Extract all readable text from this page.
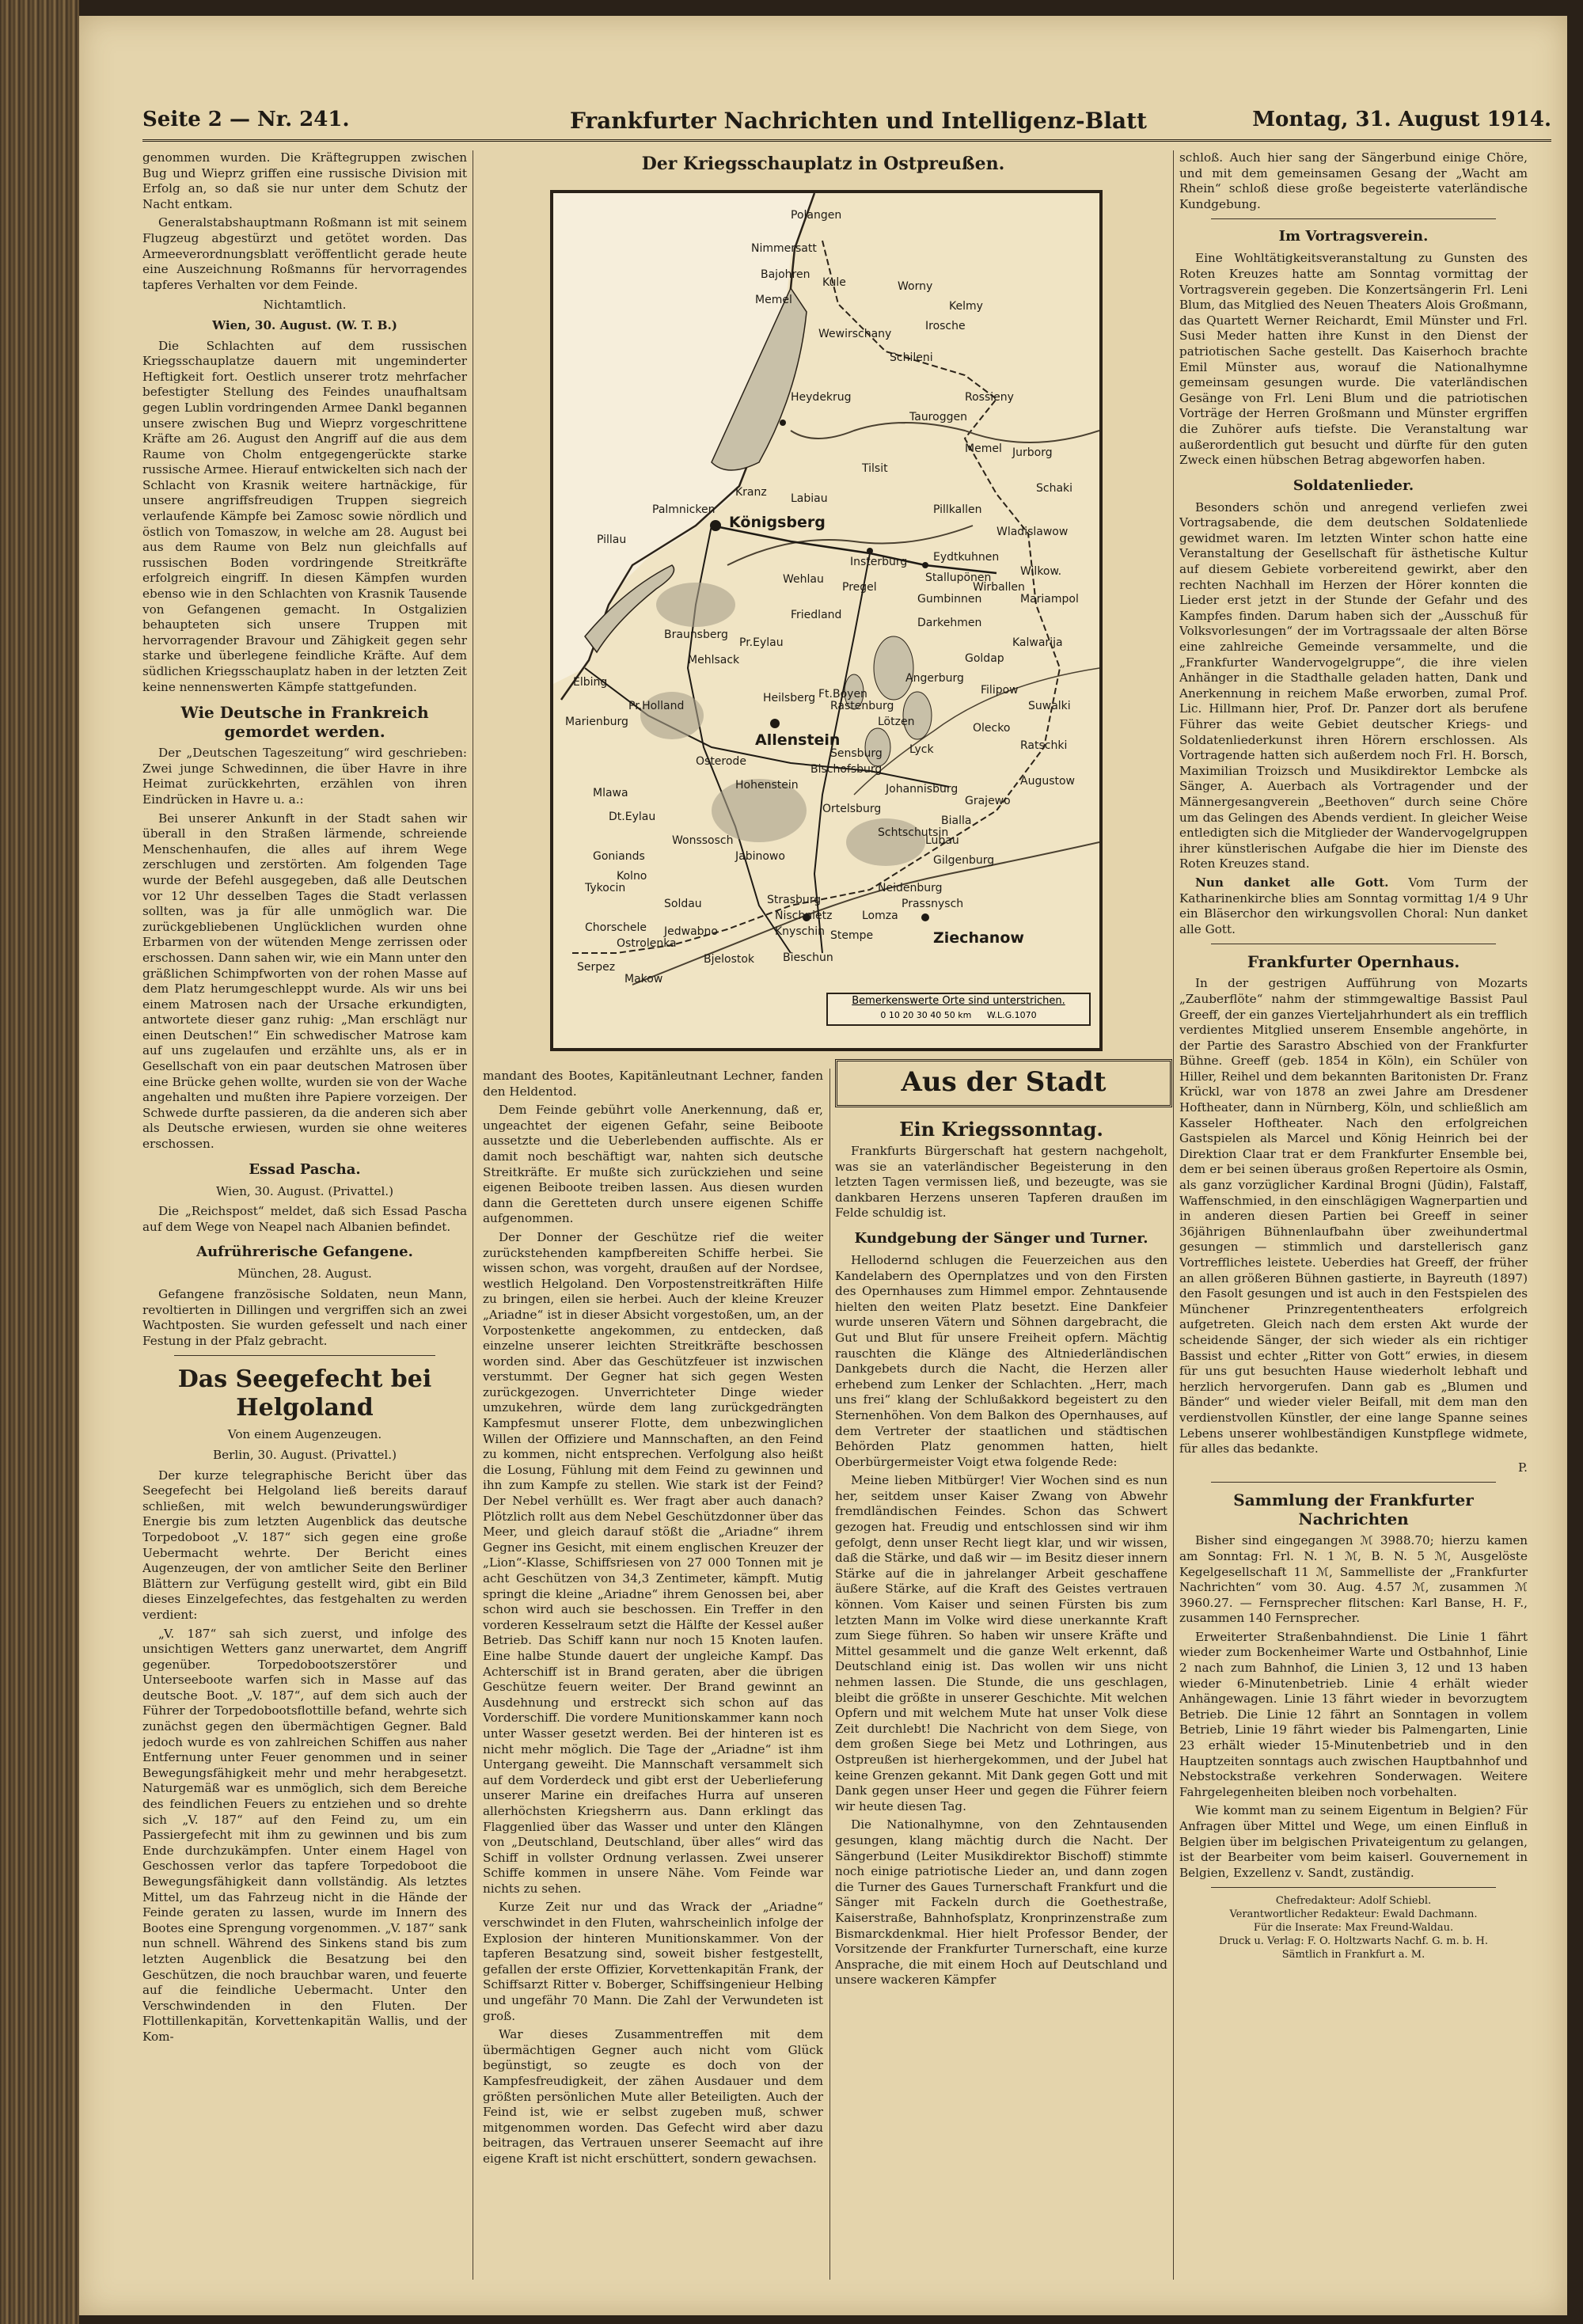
Seite 2 — Nr. 241.	Frankfurter Nachrichten und Intelligenz-Blatt	Montag, 31. August 1914.

genommen wurden. Die Kräftegruppen zwischen Bug und Wieprz griffen eine russische Division mit Erfolg an, so daß sie nur unter dem Schutz der Nacht entkam.

Generalstabshauptmann Roßmann ist mit seinem Flugzeug abgestürzt und getötet worden. Das Armeeverordnungsblatt veröffentlicht gerade heute eine Auszeichnung Roßmanns für hervorragendes tapferes Verhalten vor dem Feinde.

Nichtamtlich.

Wien, 30. August. (W. T. B.)

Die Schlachten auf dem russischen Kriegsschauplatze dauern mit ungeminderter Heftigkeit fort. Oestlich unserer trotz mehrfacher befestigter Stellung des Feindes unaufhaltsam gegen Lublin vordringenden Armee Dankl begannen unsere zwischen Bug und Wieprz vorgeschrittene Kräfte am 26. August den Angriff auf die aus dem Raume von Cholm entgegengerückte starke russische Armee. Hierauf entwickelten sich nach der Schlacht von Krasnik weitere hartnäckige, für unsere angriffsfreudigen Truppen siegreich verlaufende Kämpfe bei Zamosc sowie nördlich und östlich von Tomaszow, in welche am 28. August bei aus dem Raume von Belz nun gleichfalls auf russischen Boden vordringende Streitkräfte erfolgreich eingriff. In diesen Kämpfen wurden ebenso wie in den Schlachten von Krasnik Tausende von Gefangenen gemacht. In Ostgalizien behaupteten sich unsere Truppen mit hervorragender Bravour und Zähigkeit gegen sehr starke und überlegene feindliche Kräfte. Auf dem südlichen Kriegsschauplatz haben in der letzten Zeit keine nennenswerten Kämpfe stattgefunden.

Wie Deutsche in Frankreich gemordet werden.

Der „Deutschen Tageszeitung“ wird geschrieben: Zwei junge Schwedinnen, die über Havre in ihre Heimat zurückkehrten, erzählen von ihren Eindrücken in Havre u. a.:

Bei unserer Ankunft in der Stadt sahen wir überall in den Straßen lärmende, schreiende Menschenhaufen, die alles auf ihrem Wege zerschlugen und zerstörten. Am folgenden Tage wurde der Befehl ausgegeben, daß alle Deutschen vor 12 Uhr desselben Tages die Stadt verlassen sollten, was ja für alle unmöglich war. Die zurückgebliebenen Unglücklichen wurden ohne Erbarmen von der wütenden Menge zerrissen oder erschossen. Dann sahen wir, wie ein Mann unter den gräßlichen Schimpfworten von der rohen Masse auf dem Platz herumgeschleppt wurde. Als wir uns bei einem Matrosen nach der Ursache erkundigten, antwortete dieser ganz ruhig: „Man erschlägt nur einen Deutschen!“ Ein schwedischer Matrose kam auf uns zugelaufen und erzählte uns, als er in Gesellschaft von ein paar deutschen Matrosen über eine Brücke gehen wollte, wurden sie von der Wache angehalten und mußten ihre Papiere vorzeigen. Der Schwede durfte passieren, da die anderen sich aber als Deutsche erwiesen, wurden sie ohne weiteres erschossen.

Essad Pascha.

Wien, 30. August. (Privattel.)

Die „Reichspost“ meldet, daß sich Essad Pascha auf dem Wege von Neapel nach Albanien befindet.

Aufrührerische Gefangene.

München, 28. August.

Gefangene französische Soldaten, neun Mann, revoltierten in Dillingen und vergriffen sich an zwei Wachtposten. Sie wurden gefesselt und nach einer Festung in der Pfalz gebracht.

Das Seegefecht bei Helgoland

Von einem Augenzeugen.

Berlin, 30. August. (Privattel.)

Der kurze telegraphische Bericht über das Seegefecht bei Helgoland ließ bereits darauf schließen, mit welch bewunderungswürdiger Energie bis zum letzten Augenblick das deutsche Torpedoboot „V. 187“ sich gegen eine große Uebermacht wehrte. Der Bericht eines Augenzeugen, der von amtlicher Seite den Berliner Blättern zur Verfügung gestellt wird, gibt ein Bild dieses Einzelgefechtes, das festgehalten zu werden verdient:

„V. 187“ sah sich zuerst, und infolge des unsichtigen Wetters ganz unerwartet, dem Angriff gegenüber. Torpedobootszerstörer und Unterseeboote warfen sich in Masse auf das deutsche Boot. „V. 187“, auf dem sich auch der Führer der Torpedobootsflottille befand, wehrte sich zunächst gegen den übermächtigen Gegner. Bald jedoch wurde es von zahlreichen Schiffen aus naher Entfernung unter Feuer genommen und in seiner Bewegungsfähigkeit mehr und mehr herabgesetzt. Naturgemäß war es unmöglich, sich dem Bereiche des feindlichen Feuers zu entziehen und so drehte sich „V. 187“ auf den Feind zu, um ein Passiergefecht mit ihm zu gewinnen und bis zum Ende durchzukämpfen. Unter einem Hagel von Geschossen verlor das tapfere Torpedoboot die Bewegungsfähigkeit dann vollständig. Als letztes Mittel, um das Fahrzeug nicht in die Hände der Feinde geraten zu lassen, wurde im Innern des Bootes eine Sprengung vorgenommen. „V. 187“ sank nun schnell. Während des Sinkens stand bis zum letzten Augenblick die Besatzung bei den Geschützen, die noch brauchbar waren, und feuerte auf die feindliche Uebermacht. Unter den Verschwindenden in den Fluten. Der Flottillenkapitän, Korvettenkapitän Wallis, und der Kom-

Der Kriegsschauplatz in Ostpreußen.
Polangen
Nimmersatt
Bajohren
Kule	Worny
Memel	Kelmy
Wewirschany
Irosche
Schileni
Heydekrug	Rossieny
Tauroggen
Jurborg
Memel
Schaki
Tilsit
Kranz Labiau
Palmnicken	Pillkallen
Wladislawow
Pillau
Königsberg
Insterburg Eydtkuhnen
Wilkow.
Wehlau	Stallupönen
Wirballen
Pregel
Gumbinnen	Mariampol
Friedland
Darkehmen
Braunsberg
Pr.Eylau	Kalwarija
Mehlsack	Goldap
Elbing	Angerburg
Filipow
Pr.Holland
Heilsberg
Rastenburg	Suwalki
Marienburg
Ft.Boyen
Olecko
Lötzen
Ratschki
Bischofsburg
Lyck
Augustow
Sensburg
Allenstein
Osterode
Johannisburg
Hohenstein
Grajewo
Ortelsburg
Dt.Eylau	Bialla
Schtschutsin
Lubau
Wonssosch
Goniands	Gilgenburg
Jabinowo
Kolno
Neidenburg
Strasburg
Nischnietz
Soldau
Knyschin
Chorschele Jedwabno
Lomza
Tykocin
Mlawa
Prassnysch
Ostrolenka
Bjelostok
Stempe
Bieschun
Serpez
Ziechanow
Makow
Bemerkenswerte Orte sind unterstrichen.
0 10 20 30 40 50 km W.L.G.1070

mandant des Bootes, Kapitänleutnant Lechner, fanden den Heldentod.

Dem Feinde gebührt volle Anerkennung, daß er, ungeachtet der eigenen Gefahr, seine Beiboote aussetzte und die Ueberlebenden auffischte. Als er damit noch beschäftigt war, nahten sich deutsche Streitkräfte. Er mußte sich zurückziehen und seine eigenen Beiboote treiben lassen. Aus diesen wurden dann die Geretteten durch unsere eigenen Schiffe aufgenommen.

Der Donner der Geschütze rief die weiter zurückstehenden kampfbereiten Schiffe herbei. Sie wissen schon, was vorgeht, draußen auf der Nordsee, westlich Helgoland. Den Vorpostenstreitkräften Hilfe zu bringen, eilen sie herbei. Auch der kleine Kreuzer „Ariadne“ ist in dieser Absicht vorgestoßen, um, an der Vorpostenkette angekommen, zu entdecken, daß einzelne unserer leichten Streitkräfte beschossen worden sind. Aber das Geschützfeuer ist inzwischen verstummt. Der Gegner hat sich gegen Westen zurückgezogen. Unverrichteter Dinge wieder umzukehren, würde dem lang zurückgedrängten Kampfesmut unserer Flotte, dem unbezwinglichen Willen der Offiziere und Mannschaften, an den Feind zu kommen, nicht entsprechen. Verfolgung also heißt die Losung, Fühlung mit dem Feind zu gewinnen und ihn zum Kampfe zu stellen. Wie stark ist der Feind? Der Nebel verhüllt es. Wer fragt aber auch danach? Plötzlich rollt aus dem Nebel Geschützdonner über das Meer, und gleich darauf stößt die „Ariadne“ ihrem Gegner ins Gesicht, mit einem englischen Kreuzer der „Lion“-Klasse, Schiffsriesen von 27 000 Tonnen mit je acht Geschützen von 34,3 Zentimeter, kämpft. Mutig springt die kleine „Ariadne“ ihrem Genossen bei, aber schon wird auch sie beschossen. Ein Treffer in den vorderen Kesselraum setzt die Hälfte der Kessel außer Betrieb. Das Schiff kann nur noch 15 Knoten laufen. Eine halbe Stunde dauert der ungleiche Kampf. Das Achterschiff ist in Brand geraten, aber die übrigen Geschütze feuern weiter. Der Brand gewinnt an Ausdehnung und erstreckt sich schon auf das Vorderschiff. Die vordere Munitionskammer kann noch unter Wasser gesetzt werden. Bei der hinteren ist es nicht mehr möglich. Die Tage der „Ariadne“ ist ihm Untergang geweiht. Die Mannschaft versammelt sich auf dem Vorderdeck und gibt erst der Ueberlieferung unserer Marine ein dreifaches Hurra auf unseren allerhöchsten Kriegsherrn aus. Dann erklingt das Flaggenlied über das Wasser und unter den Klängen von „Deutschland, Deutschland, über alles“ wird das Schiff in vollster Ordnung verlassen. Zwei unserer Schiffe kommen in unsere Nähe. Vom Feinde war nichts zu sehen.

Kurze Zeit nur und das Wrack der „Ariadne“ verschwindet in den Fluten, wahrscheinlich infolge der Explosion der hinteren Munitionskammer. Von der tapferen Besatzung sind, soweit bisher festgestellt, gefallen der erste Offizier, Korvettenkapitän Frank, der Schiffsarzt Ritter v. Boberger, Schiffsingenieur Helbing und ungefähr 70 Mann. Die Zahl der Verwundeten ist groß.

War dieses Zusammentreffen mit dem übermächtigen Gegner auch nicht vom Glück begünstigt, so zeugte es doch von der Kampfesfreudigkeit, der zähen Ausdauer und dem größten persönlichen Mute aller Beteiligten. Auch der Feind ist, wie er selbst zugeben muß, schwer mitgenommen worden. Das Gefecht wird aber dazu beitragen, das Vertrauen unserer Seemacht auf ihre eigene Kraft ist nicht erschüttert, sondern gewachsen.

Aus der Stadt
Ein Kriegssonntag.

Frankfurts Bürgerschaft hat gestern nachgeholt, was sie an vaterländischer Begeisterung in den letzten Tagen vermissen ließ, und bezeugte, was sie dankbaren Herzens unseren Tapferen draußen im Felde schuldig ist.

Kundgebung der Sänger und Turner.

Hellodernd schlugen die Feuerzeichen aus den Kandelabern des Opernplatzes und von den Firsten des Opernhauses zum Himmel empor. Zehntausende hielten den weiten Platz besetzt. Eine Dankfeier wurde unseren Vätern und Söhnen dargebracht, die Gut und Blut für unsere Freiheit opfern. Mächtig rauschten die Klänge des Altniederländischen Dankgebets durch die Nacht, die Herzen aller erhebend zum Lenker der Schlachten. „Herr, mach uns frei“ klang der Schlußakkord begeistert zu den Sternenhöhen. Von dem Balkon des Opernhauses, auf dem Vertreter der staatlichen und städtischen Behörden Platz genommen hatten, hielt Oberbürgermeister Voigt etwa folgende Rede:

Meine lieben Mitbürger! Vier Wochen sind es nun her, seitdem unser Kaiser Zwang von Abwehr fremdländischen Feindes. Schon das Schwert gezogen hat. Freudig und entschlossen sind wir ihm gefolgt, denn unser Recht liegt klar, und wir wissen, daß die Stärke, und daß wir — im Besitz dieser innern Stärke auf die in jahrelanger Arbeit geschaffene äußere Stärke, auf die Kraft des Geistes vertrauen können. Vom Kaiser und seinen Fürsten bis zum letzten Mann im Volke wird diese unerkannte Kraft zum Siege führen. So haben wir unsere Kräfte und Mittel gesammelt und die ganze Welt erkennt, daß Deutschland einig ist. Das wollen wir uns nicht nehmen lassen. Die Stunde, die uns geschlagen, bleibt die größte in unserer Geschichte. Mit welchen Opfern und mit welchem Mute hat unser Volk diese Zeit durchlebt! Die Nachricht von dem Siege, von dem großen Siege bei Metz und Lothringen, aus Ostpreußen ist hierhergekommen, und der Jubel hat keine Grenzen gekannt. Mit Dank gegen Gott und mit Dank gegen unser Heer und gegen die Führer feiern wir heute diesen Tag.

Die Nationalhymne, von den Zehntausenden gesungen, klang mächtig durch die Nacht. Der Sängerbund (Leiter Musikdirektor Bischoff) stimmte noch einige patriotische Lieder an, und dann zogen die Turner des Gaues Turnerschaft Frankfurt und die Sänger mit Fackeln durch die Goethestraße, Kaiserstraße, Bahnhofsplatz, Kronprinzenstraße zum Bismarckdenkmal. Hier hielt Professor Bender, der Vorsitzende der Frankfurter Turnerschaft, eine kurze Ansprache, die mit einem Hoch auf Deutschland und unsere wackeren Kämpfer

schloß. Auch hier sang der Sängerbund einige Chöre, und mit dem gemeinsamen Gesang der „Wacht am Rhein“ schloß diese große begeisterte vaterländische Kundgebung.

Im Vortragsverein.

Eine Wohltätigkeitsveranstaltung zu Gunsten des Roten Kreuzes hatte am Sonntag vormittag der Vortragsverein gegeben. Die Konzertsängerin Frl. Leni Blum, das Mitglied des Neuen Theaters Alois Großmann, das Quartett Werner Reichardt, Emil Münster und Frl. Susi Meder hatten ihre Kunst in den Dienst der patriotischen Sache gestellt. Das Kaiserhoch brachte Emil Münster aus, worauf die Nationalhymne gemeinsam gesungen wurde. Die vaterländischen Gesänge von Frl. Leni Blum und die patriotischen Vorträge der Herren Großmann und Münster ergriffen die Zuhörer aufs tiefste. Die Veranstaltung war außerordentlich gut besucht und dürfte für den guten Zweck einen hübschen Betrag abgeworfen haben.

Soldatenlieder.

Besonders schön und anregend verliefen zwei Vortragsabende, die dem deutschen Soldatenliede gewidmet waren. Im letzten Winter schon hatte eine Veranstaltung der Gesellschaft für ästhetische Kultur auf diesem Gebiete vorbereitend gewirkt, aber den rechten Nachhall im Herzen der Hörer konnten die Lieder erst jetzt in der Stunde der Gefahr und des Kampfes finden. Darum haben sich der „Ausschuß für Volksvorlesungen“ der im Vortragssaale der alten Börse eine zahlreiche Gemeinde versammelte, und die „Frankfurter Wandervogelgruppe“, die ihre vielen Anhänger in die Stadthalle geladen hatten, Dank und Anerkennung in reichem Maße erworben, zumal Prof. Lic. Hillmann hier, Prof. Dr. Panzer dort als berufene Führer das weite Gebiet deutscher Kriegs- und Soldatenliederkunst ihren Hörern erschlossen. Als Vortragende hatten sich außerdem noch Frl. H. Borsch, Maximilian Troizsch und Musikdirektor Lembcke als Sänger, A. Auerbach als Vortragender und der Männergesangverein „Beethoven“ durch seine Chöre um das Gelingen des Abends verdient. In gleicher Weise entledigten sich die Mitglieder der Wandervogelgruppen ihrer künstlerischen Aufgabe die hier im Dienste des Roten Kreuzes stand.

Nun danket alle Gott. Vom Turm der Katharinenkirche blies am Sonntag vormittag 1/4 9 Uhr ein Bläserchor den wirkungsvollen Choral: Nun danket alle Gott.

Frankfurter Opernhaus.

In der gestrigen Aufführung von Mozarts „Zauberflöte“ nahm der stimmgewaltige Bassist Paul Greeff, der ein ganzes Vierteljahrhundert als ein trefflich verdientes Mitglied unserem Ensemble angehörte, in der Partie des Sarastro Abschied von der Frankfurter Bühne. Greeff (geb. 1854 in Köln), ein Schüler von Hiller, Reihel und dem bekannten Baritonisten Dr. Franz Krückl, war von 1878 an zwei Jahre am Dresdener Hoftheater, dann in Nürnberg, Köln, und schließlich am Kasseler Hoftheater. Nach den erfolgreichen Gastspielen als Marcel und König Heinrich bei der Direktion Claar trat er dem Frankfurter Ensemble bei, dem er bei seinen überaus großen Repertoire als Osmin, als ganz vorzüglicher Kardinal Brogni (Jüdin), Falstaff, Waffenschmied, in den einschlägigen Wagnerpartien und in anderen diesen Partien bei Greeff in seiner 36jährigen Bühnenlaufbahn über zweihundertmal gesungen — stimmlich und darstellerisch ganz Vortreffliches leistete. Ueberdies hat Greeff, der früher an allen größeren Bühnen gastierte, in Bayreuth (1897) den Fasolt gesungen und ist auch in den Festspielen des Münchener Prinzregententheaters erfolgreich aufgetreten. Gleich nach dem ersten Akt wurde der scheidende Sänger, der sich wieder als ein richtiger Bassist und echter „Ritter von Gott“ erwies, in diesem für uns gut besuchten Hause wiederholt lebhaft und herzlich hervorgerufen. Dann gab es „Blumen und Bänder“ und wieder vieler Beifall, mit dem man den verdienstvollen Künstler, der eine lange Spanne seines Lebens unserer wohlbeständigen Kunstpflege widmete, für alles das bedankte.

P.

Sammlung der Frankfurter Nachrichten

Bisher sind eingegangen ℳ 3988.70; hierzu kamen am Sonntag: Frl. N. 1 ℳ, B. N. 5 ℳ, Ausgelöste Kegelgesellschaft 11 ℳ, Sammelliste der „Frankfurter Nachrichten“ vom 30. Aug. 4.57 ℳ, zusammen ℳ 3960.27. — Fernsprecher flitschen: Karl Banse, H. F., zusammen 140 Fernsprecher.

Erweiterter Straßenbahndienst. Die Linie 1 fährt wieder zum Bockenheimer Warte und Ostbahnhof, Linie 2 nach zum Bahnhof, die Linien 3, 12 und 13 haben wieder 6-Minutenbetrieb. Linie 4 erhält wieder Anhängewagen. Linie 13 fährt wieder in bevorzugtem Betrieb. Die Linie 12 fährt an Sonntagen in vollem Betrieb, Linie 19 fährt wieder bis Palmengarten, Linie 23 erhält wieder 15-Minutenbetrieb und in den Hauptzeiten sonntags auch zwischen Hauptbahnhof und Nebstockstraße verkehren Sonderwagen. Weitere Fahrgelegenheiten bleiben noch vorbehalten.

Wie kommt man zu seinem Eigentum in Belgien? Für Anfragen über Mittel und Wege, um einen Einfluß in Belgien über im belgischen Privateigentum zu gelangen, ist der Bearbeiter vom beim kaiserl. Gouvernement in Belgien, Exzellenz v. Sandt, zuständig.

Chefredakteur: Adolf Schiebl.
Verantwortlicher Redakteur: Ewald Dachmann.
Für die Inserate: Max Freund-Waldau.
Druck u. Verlag: F. O. Holtzwarts Nachf. G. m. b. H.
Sämtlich in Frankfurt a. M.
